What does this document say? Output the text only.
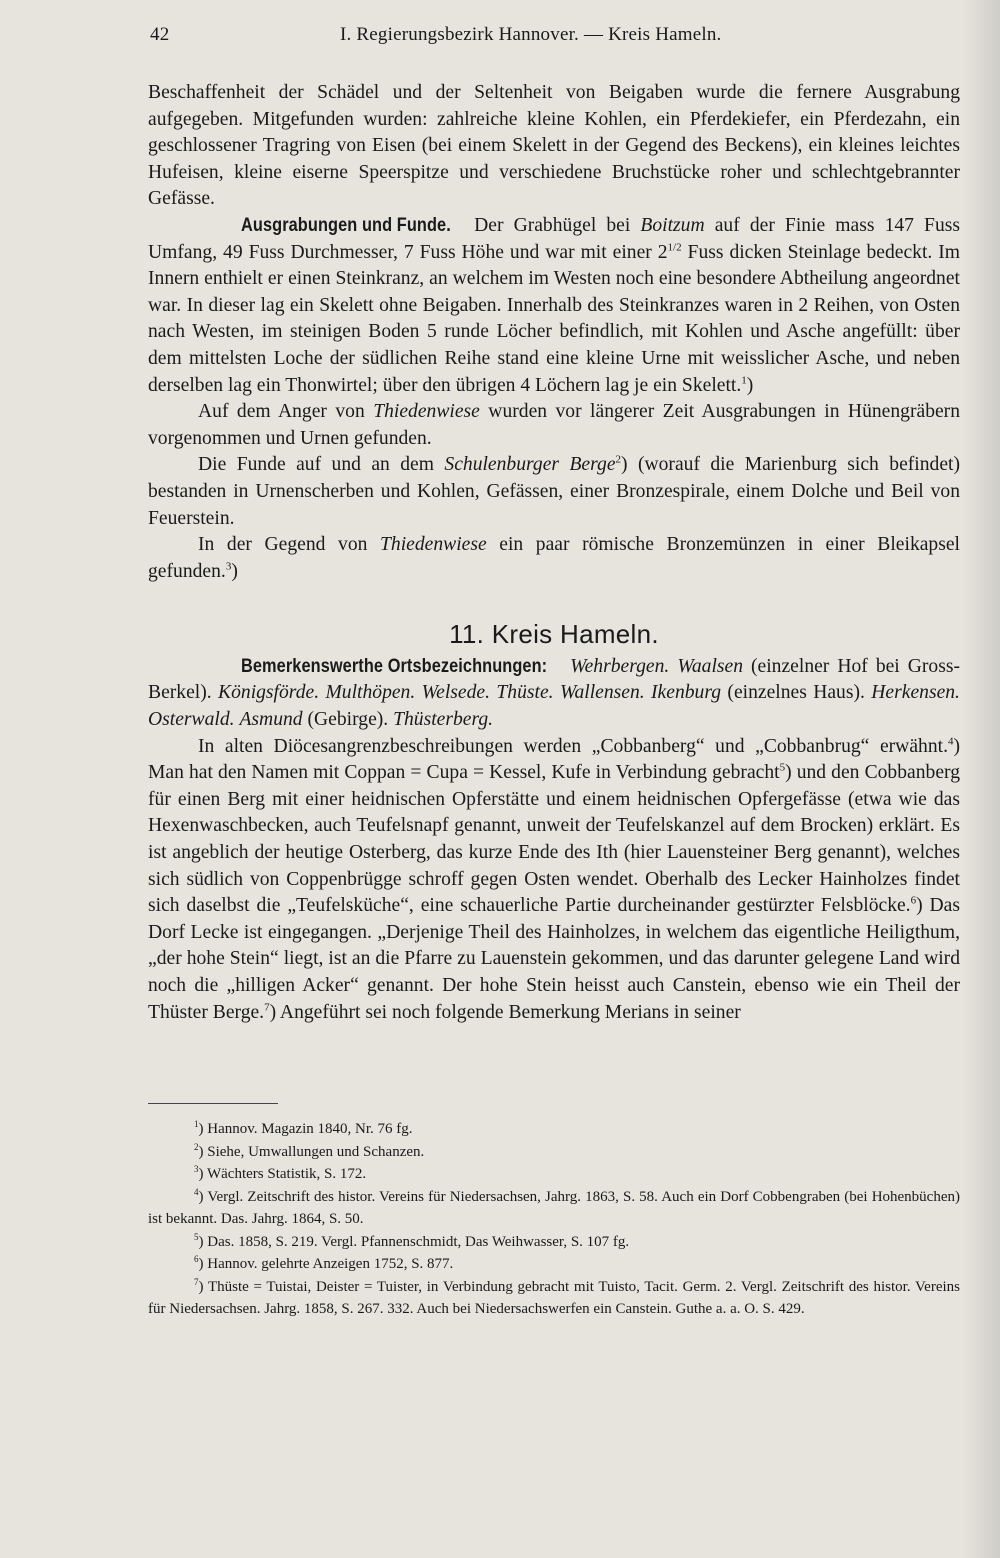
42	I. Regierungsbezirk Hannover. — Kreis Hameln.

Beschaffenheit der Schädel und der Seltenheit von Beigaben wurde die fernere Ausgrabung aufgegeben. Mitgefunden wurden: zahlreiche kleine Kohlen, ein Pferdekiefer, ein Pferdezahn, ein geschlossener Tragring von Eisen (bei einem Skelett in der Gegend des Beckens), ein kleines leichtes Hufeisen, kleine eiserne Speerspitze und verschiedene Bruchstücke roher und schlechtgebrannter Gefässe.

Ausgrabungen und Funde. Der Grabhügel bei Boitzum auf der Finie mass 147 Fuss Umfang, 49 Fuss Durchmesser, 7 Fuss Höhe und war mit einer $2^{1/2}$ Fuss dicken Steinlage bedeckt. Im Innern enthielt er einen Steinkranz, an welchem im Westen noch eine besondere Abtheilung angeordnet war. In dieser lag ein Skelett ohne Beigaben. Innerhalb des Steinkranzes waren in 2 Reihen, von Osten nach Westen, im steinigen Boden 5 runde Löcher befindlich, mit Kohlen und Asche angefüllt: über dem mittelsten Loche der südlichen Reihe stand eine kleine Urne mit weisslicher Asche, und neben derselben lag ein Thonwirtel; über den übrigen 4 Löchern lag je ein Skelett.$^1$)

Auf dem Anger von Thiedenwiese wurden vor längerer Zeit Ausgrabungen in Hünengräbern vorgenommen und Urnen gefunden.

Die Funde auf und an dem Schulenburger Berge$^2$) (worauf die Marienburg sich befindet) bestanden in Urnenscherben und Kohlen, Gefässen, einer Bronzespirale, einem Dolche und Beil von Feuerstein.

In der Gegend von Thiedenwiese ein paar römische Bronzemünzen in einer Bleikapsel gefunden.$^3$)

11. Kreis Hameln.

Bemerkenswerthe Ortsbezeichnungen: Wehrbergen. Waalsen (einzelner Hof bei Gross-Berkel). Königsförde. Multhöpen. Welsede. Thüste. Wallensen. Ikenburg (einzelnes Haus). Herkensen. Osterwald. Asmund (Gebirge). Thüsterberg.

In alten Diöcesangrenzbeschreibungen werden „Cobbanberg“ und „Cobbanbrug“ erwähnt.$^4$) Man hat den Namen mit Coppan = Cupa = Kessel, Kufe in Verbindung gebracht$^5$) und den Cobbanberg für einen Berg mit einer heidnischen Opferstätte und einem heidnischen Opfergefässe (etwa wie das Hexenwaschbecken, auch Teufelsnapf genannt, unweit der Teufelskanzel auf dem Brocken) erklärt. Es ist angeblich der heutige Osterberg, das kurze Ende des Ith (hier Lauensteiner Berg genannt), welches sich südlich von Coppenbrügge schroff gegen Osten wendet. Oberhalb des Lecker Hainholzes findet sich daselbst die „Teufelsküche“, eine schauerliche Partie durcheinander gestürzter Felsblöcke.$^6$) Das Dorf Lecke ist eingegangen. „Derjenige Theil des Hainholzes, in welchem das eigentliche Heiligthum, „der hohe Stein“ liegt, ist an die Pfarre zu Lauenstein gekommen, und das darunter gelegene Land wird noch die „hilligen Acker“ genannt. Der hohe Stein heisst auch Canstein, ebenso wie ein Theil der Thüster Berge.$^7$) Angeführt sei noch folgende Bemerkung Merians in seiner

$^1$) Hannov. Magazin 1840, Nr. 76 fg.

$^2$) Siehe, Umwallungen und Schanzen.

$^3$) Wächters Statistik, S. 172.

$^4$) Vergl. Zeitschrift des histor. Vereins für Niedersachsen, Jahrg. 1863, S. 58. Auch ein Dorf Cobbengraben (bei Hohenbüchen) ist bekannt. Das. Jahrg. 1864, S. 50.

$^5$) Das. 1858, S. 219. Vergl. Pfannenschmidt, Das Weihwasser, S. 107 fg.

$^6$) Hannov. gelehrte Anzeigen 1752, S. 877.

$^7$) Thüste = Tuistai, Deister = Tuister, in Verbindung gebracht mit Tuisto, Tacit. Germ. 2. Vergl. Zeitschrift des histor. Vereins für Niedersachsen. Jahrg. 1858, S. 267. 332. Auch bei Niedersachswerfen ein Canstein. Guthe a. a. O. S. 429.
